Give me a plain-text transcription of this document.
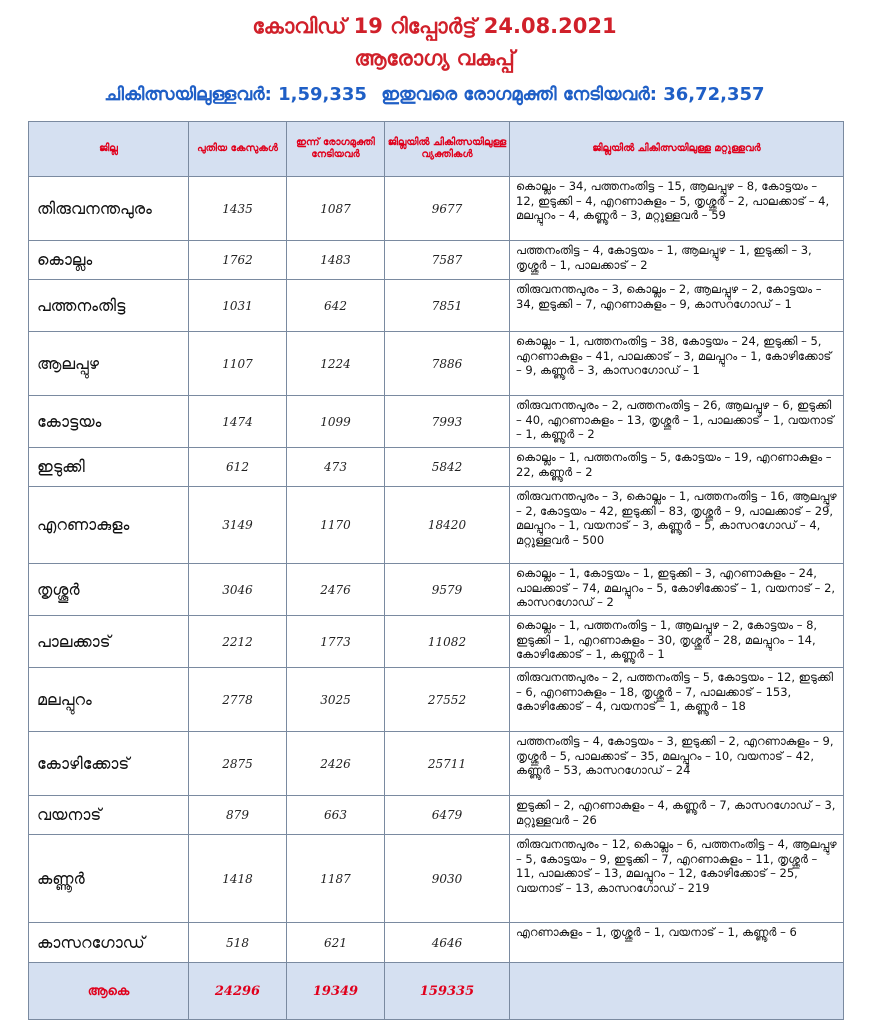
കോവിഡ് 19 റിപ്പോർട്ട് 24.08.2021
ആരോഗ്യ വകുപ്പ്
ചികിത്സയിലുള്ളവർ: 1,59,335 ഇതുവരെ രോഗമുക്തി നേടിയവർ: 36,72,357
ജില്ല	പുതിയ കേസുകൾ	ഇന്ന് രോഗമുക്തി നേടിയവർ	ജില്ലയിൽ ചികിത്സയിലുള്ള വ്യക്തികൾ	ജില്ലയിൽ ചികിത്സയിലുള്ള മറ്റുള്ളവർ
തിരുവനന്തപുരം	1435	1087	9677	കൊല്ലം – 34, പത്തനംതിട്ട – 15, ആലപ്പുഴ – 8, കോട്ടയം – 12, ഇടുക്കി – 4, എറണാകുളം – 5, തൃശ്ശൂർ – 2, പാലക്കാട് – 4, മലപ്പുറം – 4, കണ്ണൂർ – 3, മറ്റുള്ളവർ – 59
കൊല്ലം	1762	1483	7587	പത്തനംതിട്ട – 4, കോട്ടയം – 1, ആലപ്പുഴ – 1, ഇടുക്കി – 3, തൃശ്ശൂർ – 1, പാലക്കാട് – 2
പത്തനംതിട്ട	1031	642	7851	തിരുവനന്തപുരം – 3, കൊല്ലം – 2, ആലപ്പുഴ – 2, കോട്ടയം – 34, ഇടുക്കി – 7, എറണാകുളം – 9, കാസറഗോഡ് – 1
ആലപ്പുഴ	1107	1224	7886	കൊല്ലം – 1, പത്തനംതിട്ട – 38, കോട്ടയം – 24, ഇടുക്കി – 5, എറണാകുളം – 41, പാലക്കാട് – 3, മലപ്പുറം – 1, കോഴിക്കോട് – 9, കണ്ണൂർ – 3, കാസറഗോഡ് – 1
കോട്ടയം	1474	1099	7993	തിരുവനന്തപുരം – 2, പത്തനംതിട്ട – 26, ആലപ്പുഴ – 6, ഇടുക്കി – 40, എറണാകുളം – 13, തൃശ്ശൂർ – 1, പാലക്കാട് – 1, വയനാട് – 1, കണ്ണൂർ – 2
ഇടുക്കി	612	473	5842	കൊല്ലം – 1, പത്തനംതിട്ട – 5, കോട്ടയം – 19, എറണാകുളം – 22, കണ്ണൂർ – 2
എറണാകുളം	3149	1170	18420	തിരുവനന്തപുരം – 3, കൊല്ലം – 1, പത്തനംതിട്ട – 16, ആലപ്പുഴ – 2, കോട്ടയം – 42, ഇടുക്കി – 83, തൃശ്ശൂർ – 9, പാലക്കാട് – 29, മലപ്പുറം – 1, വയനാട് – 3, കണ്ണൂർ – 5, കാസറഗോഡ് – 4, മറ്റുള്ളവർ – 500
തൃശ്ശൂർ	3046	2476	9579	കൊല്ലം – 1, കോട്ടയം – 1, ഇടുക്കി – 3, എറണാകുളം – 24, പാലക്കാട് – 74, മലപ്പുറം – 5, കോഴിക്കോട് – 1, വയനാട് – 2, കാസറഗോഡ് – 2
പാലക്കാട്	2212	1773	11082	കൊല്ലം – 1, പത്തനംതിട്ട – 1, ആലപ്പുഴ – 2, കോട്ടയം – 8, ഇടുക്കി – 1, എറണാകുളം – 30, തൃശ്ശൂർ – 28, മലപ്പുറം – 14, കോഴിക്കോട് – 1, കണ്ണൂർ – 1
മലപ്പുറം	2778	3025	27552	തിരുവനന്തപുരം – 2, പത്തനംതിട്ട – 5, കോട്ടയം – 12, ഇടുക്കി – 6, എറണാകുളം – 18, തൃശ്ശൂർ – 7, പാലക്കാട് – 153, കോഴിക്കോട് – 4, വയനാട് – 1, കണ്ണൂർ – 18
കോഴിക്കോട്	2875	2426	25711	പത്തനംതിട്ട – 4, കോട്ടയം – 3, ഇടുക്കി – 2, എറണാകുളം – 9, തൃശ്ശൂർ – 5, പാലക്കാട് – 35, മലപ്പുറം – 10, വയനാട് – 42, കണ്ണൂർ – 53, കാസറഗോഡ് – 24
വയനാട്	879	663	6479	ഇടുക്കി – 2, എറണാകുളം – 4, കണ്ണൂർ – 7, കാസറഗോഡ് – 3, മറ്റുള്ളവർ – 26
കണ്ണൂർ	1418	1187	9030	തിരുവനന്തപുരം – 12, കൊല്ലം – 6, പത്തനംതിട്ട – 4, ആലപ്പുഴ – 5, കോട്ടയം – 9, ഇടുക്കി – 7, എറണാകുളം – 11, തൃശ്ശൂർ – 11, പാലക്കാട് – 13, മലപ്പുറം – 12, കോഴിക്കോട് – 25, വയനാട് – 13, കാസറഗോഡ് – 219
കാസറഗോഡ്	518	621	4646	എറണാകുളം – 1, തൃശ്ശൂർ – 1, വയനാട് – 1, കണ്ണൂർ – 6
ആകെ	24296	19349	159335	
